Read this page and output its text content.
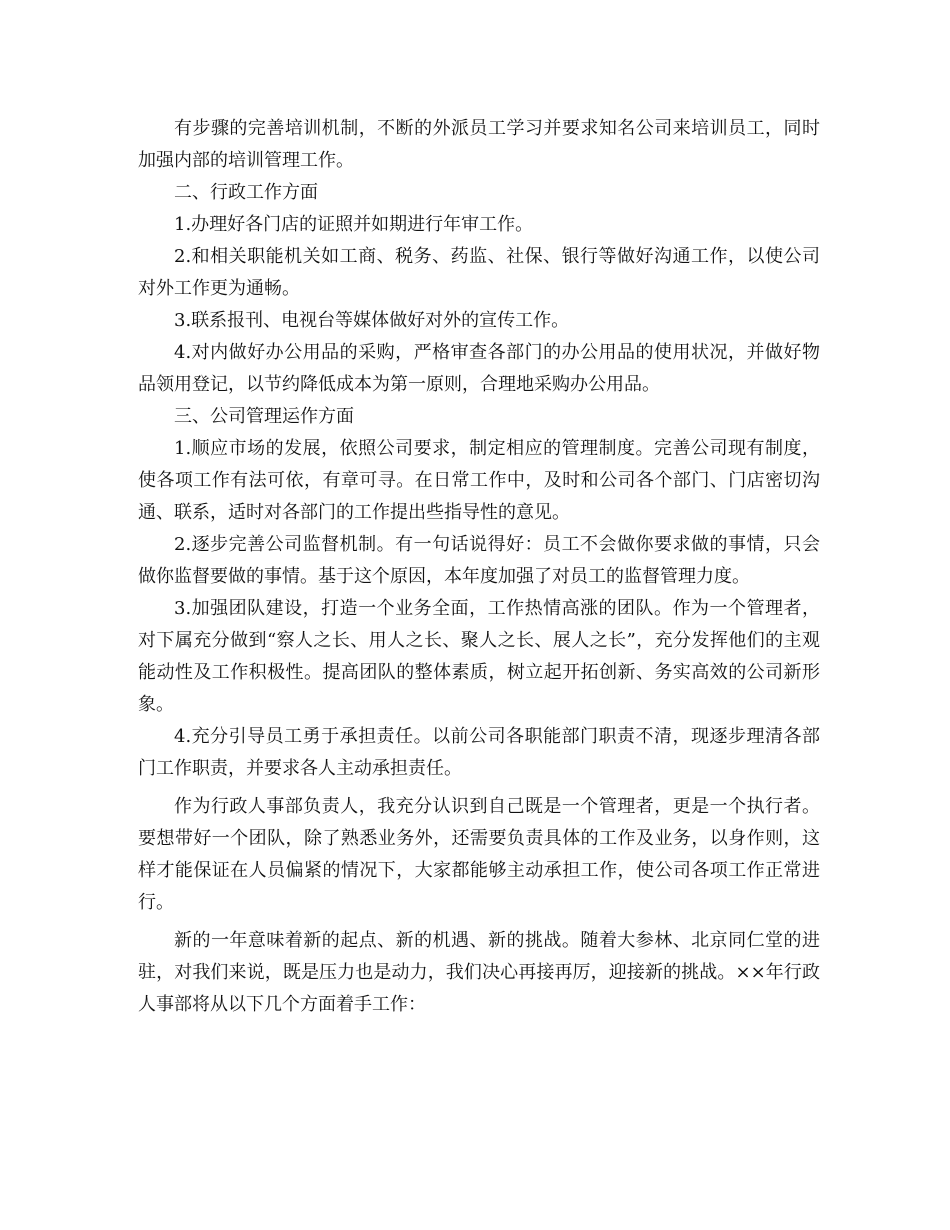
有步骤的完善培训机制，不断的外派员工学习并要求知名公司来培训员工，同时加强内部的培训管理工作。

二、行政工作方面

1.办理好各门店的证照并如期进行年审工作。

2.和相关职能机关如工商、税务、药监、社保、银行等做好沟通工作，以使公司对外工作更为通畅。

3.联系报刊、电视台等媒体做好对外的宣传工作。

4.对内做好办公用品的采购，严格审查各部门的办公用品的使用状况，并做好物品领用登记，以节约降低成本为第一原则，合理地采购办公用品。

三、公司管理运作方面

1.顺应市场的发展，依照公司要求，制定相应的管理制度。完善公司现有制度，使各项工作有法可依，有章可寻。在日常工作中，及时和公司各个部门、门店密切沟通、联系，适时对各部门的工作提出些指导性的意见。

2.逐步完善公司监督机制。有一句话说得好：员工不会做你要求做的事情，只会做你监督要做的事情。基于这个原因，本年度加强了对员工的监督管理力度。

3.加强团队建设，打造一个业务全面，工作热情高涨的团队。作为一个管理者，对下属充分做到“察人之长、用人之长、聚人之长、展人之长”，充分发挥他们的主观能动性及工作积极性。提高团队的整体素质，树立起开拓创新、务实高效的公司新形象。

4.充分引导员工勇于承担责任。以前公司各职能部门职责不清，现逐步理清各部门工作职责，并要求各人主动承担责任。

作为行政人事部负责人，我充分认识到自己既是一个管理者，更是一个执行者。要想带好一个团队，除了熟悉业务外，还需要负责具体的工作及业务，以身作则，这样才能保证在人员偏紧的情况下，大家都能够主动承担工作，使公司各项工作正常进行。

新的一年意味着新的起点、新的机遇、新的挑战。随着大参林、北京同仁堂的进驻，对我们来说，既是压力也是动力，我们决心再接再厉，迎接新的挑战。××年行政人事部将从以下几个方面着手工作：
